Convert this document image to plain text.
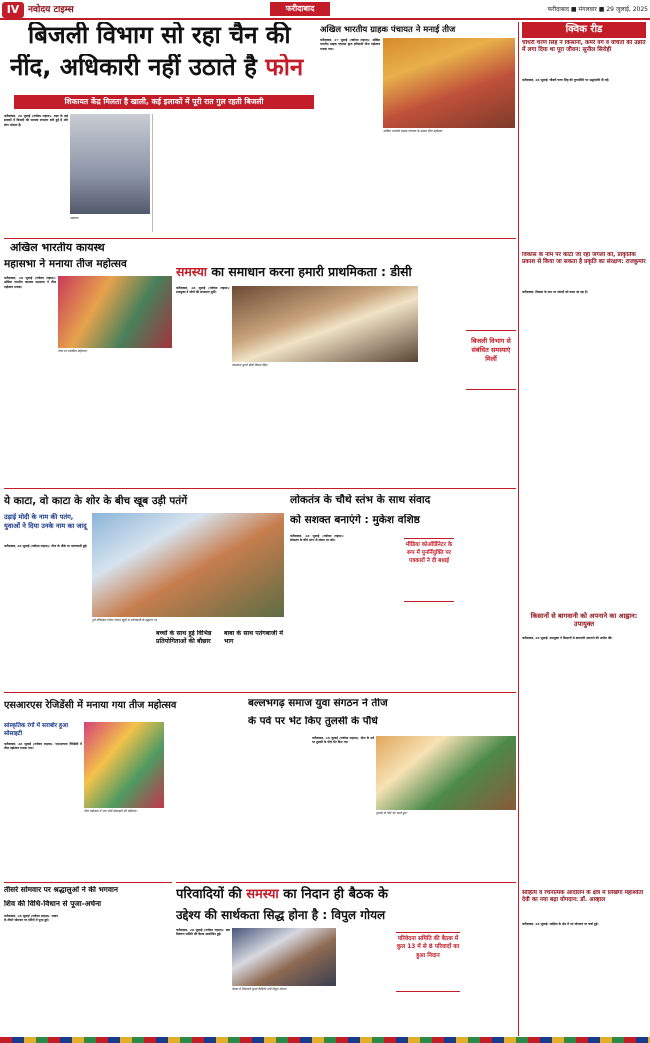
IV नवोदय टाइम्स	फरीदाबाद	फरीदाबाद ■ मंगलवार ■ 29 जुलाई, 2025
बिजली विभाग सो रहा चैन की
नींद, अधिकारी नहीं उठाते है फोन
शिकायत केंद्र मिलता है खाली, कई इलाकों में पूरी रात गुल रहती बिजली
फरीदाबाद, 28 जुलाई (नवोदय टाइम्स): शहर के कई इलाकों में बिजली की समस्या लगातार बनी हुई है और लोग परेशान हैं।
पड़ताल।
अखिल भारतीय ग्राहक पंचायत ने मनाई तीज
फरीदाबाद, 27 जुलाई (नवोदय टाइम्स): अखिल भारतीय ग्राहक पंचायत द्वारा हरियाली तीज महोत्सव मनाया गया।
अखिल भारतीय ग्राहक पंचायत के सदस्य तीज महोत्सव
क्विक रीड
चौधरी चरण सिंह ने किसानों, कमेरे वर्ग व वंचितों की उन्नति में लगा दिया था पूरा जीवन: सुनील सिरोही
फरीदाबाद, 28 जुलाई: चौधरी चरण सिंह की पुण्यतिथि पर श्रद्धांजलि दी गई।
विकास के नाम पर काटा जा रहा जंगलों को, प्राकृतिक प्रकाश से किया जा सकता है प्रकृति का संरक्षण: राजकुमार
फरीदाबाद: विकास के नाम पर जंगलों को काटा जा रहा है।
किसानों से बागवानी को अपनाने का आह्वान: उपायुक्त
फरीदाबाद, 28 जुलाई: उपायुक्त ने किसानों से बागवानी अपनाने की अपील की।
साहित्य व रचनात्मक आंदोलन के क्षेत्र में लिखेगा महाश्वेता देवी का नया बढ़ा योगदान: डॉ. आव्हाल
फरीदाबाद, 28 जुलाई: साहित्य के क्षेत्र में नए योगदान पर चर्चा हुई।
अखिल भारतीय कायस्थ
महासभा ने मनाया तीज महोत्सव
फरीदाबाद, 28 जुलाई (नवोदय टाइम्स): अखिल भारतीय कायस्थ महासभा ने तीज महोत्सव मनाया।
तीज पर उपस्थित महिलाएं।
समस्या का समाधान करना हमारी प्राथमिकता : डीसी
फरीदाबाद, 28 जुलाई (नवोदय टाइम्स): उपायुक्त ने लोगों की समस्याएं सुनीं।
समस्याएं सुनते डीसी विक्रम सिंह।
बिजली विभाग से संबंधित समस्याएं मिलीं
ये काटा, वो काटा के शोर के बीच खूब उड़ी पतंगें
उड़ाई मोदी के नाम की पतंग, युवाओं ने दिया उनके नाम का जादू
फरीदाबाद, 28 जुलाई (नवोदय टाइम्स): तीज के मौके पर पतंगबाजी हुई।
पूर्व मंत्रिमंडल योगेश गोयल पहुंचे थे पतंगबाजी के उद्घाटन पर
बच्चों के साथ हुई विभिन्न प्रतियोगिताओं की बौछार
बाबा के साथ पतंगबाजी में भाग
लोकतंत्र के चौथे स्तंभ के साथ संवाद
को सशक्त बनाएंगे : मुकेश वशिष्ठ
फरीदाबाद, 28 जुलाई (नवोदय टाइम्स): लोकतंत्र के चौथे स्तंभ से संवाद पर जोर।
मीडिया कोऑर्डिनेटर के रूप में पुनर्नियुक्ति पर पत्रकारों ने दी बधाई
एसआरएस रेजिडेंसी में मनाया गया तीज महोत्सव
सांस्कृतिक रंगों में सराबोर हुआ सोसाइटी
फरीदाबाद, 28 जुलाई (नवोदय टाइम्स): एसआरएस रेजिडेंसी में तीज महोत्सव मनाया गया।
तीज महोत्सव में भाग लेती सोसाइटी की महिलाएं।
बल्लभगढ़ समाज युवा संगठन ने तीज
के पर्व पर भेंट किए तुलसी के पौधे
फरीदाबाद, 28 जुलाई (नवोदय टाइम्स): तीज के पर्व पर तुलसी के पौधे भेंट किए गए।
तुलसी के पौधे भेंट करते हुए।
तीसरे सोमवार पर श्रद्धालुओं ने की भगवान
शिव की विधि-विधान से पूजा-अर्चना
फरीदाबाद, 28 जुलाई (नवोदय टाइम्स): सावन के तीसरे सोमवार पर मंदिरों में पूजा हुई।
परिवादियों की समस्या का निदान ही बैठक के
उद्देश्य की सार्थकता सिद्ध होना है : विपुल गोयल
फरीदाबाद, 28 जुलाई (नवोदय टाइम्स): कष्ट निवारण समिति की बैठक आयोजित हुई।
बैठक में शिकायतें सुनते कैबिनेट मंत्री विपुल गोयल।
परिवेदना समिति की बैठक में कुल 13 में से 8 परिवादों का हुआ निदान
